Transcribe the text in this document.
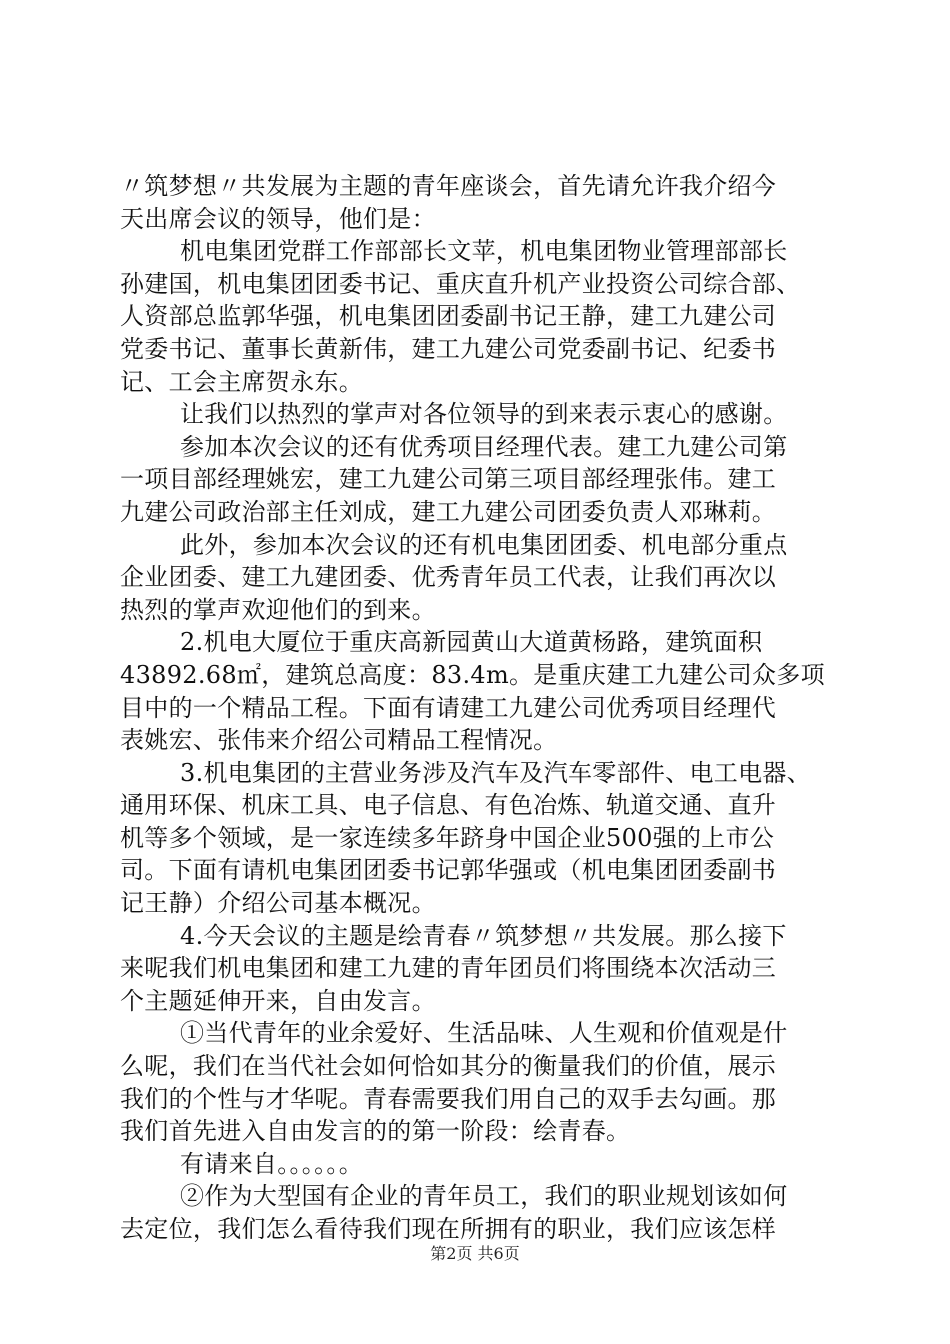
〃筑梦想〃共发展为主题的青年座谈会，首先请允许我介绍今
天出席会议的领导，他们是：
机电集团党群工作部部长文苹，机电集团物业管理部部长
孙建国，机电集团团委书记、重庆直升机产业投资公司综合部、
人资部总监郭华强，机电集团团委副书记王静，建工九建公司
党委书记、董事长黄新伟，建工九建公司党委副书记、纪委书
记、工会主席贺永东。
让我们以热烈的掌声对各位领导的到来表示衷心的感谢。
参加本次会议的还有优秀项目经理代表。建工九建公司第
一项目部经理姚宏，建工九建公司第三项目部经理张伟。建工
九建公司政治部主任刘成，建工九建公司团委负责人邓琳莉。
此外，参加本次会议的还有机电集团团委、机电部分重点
企业团委、建工九建团委、优秀青年员工代表，让我们再次以
热烈的掌声欢迎他们的到来。
2.机电大厦位于重庆高新园黄山大道黄杨路，建筑面积
43892.68㎡，建筑总高度：83.4m。是重庆建工九建公司众多项
目中的一个精品工程。下面有请建工九建公司优秀项目经理代
表姚宏、张伟来介绍公司精品工程情况。
3.机电集团的主营业务涉及汽车及汽车零部件、电工电器、
通用环保、机床工具、电子信息、有色冶炼、轨道交通、直升
机等多个领域，是一家连续多年跻身中国企业500强的上市公
司。下面有请机电集团团委书记郭华强或（机电集团团委副书
记王静）介绍公司基本概况。
4.今天会议的主题是绘青春〃筑梦想〃共发展。那么接下
来呢我们机电集团和建工九建的青年团员们将围绕本次活动三
个主题延伸开来，自由发言。
①当代青年的业余爱好、生活品味、人生观和价值观是什
么呢，我们在当代社会如何恰如其分的衡量我们的价值，展示
我们的个性与才华呢。青春需要我们用自己的双手去勾画。那
我们首先进入自由发言的的第一阶段：绘青春。
有请来自。。。。。。
②作为大型国有企业的青年员工，我们的职业规划该如何
去定位，我们怎么看待我们现在所拥有的职业，我们应该怎样
第2页 共6页
